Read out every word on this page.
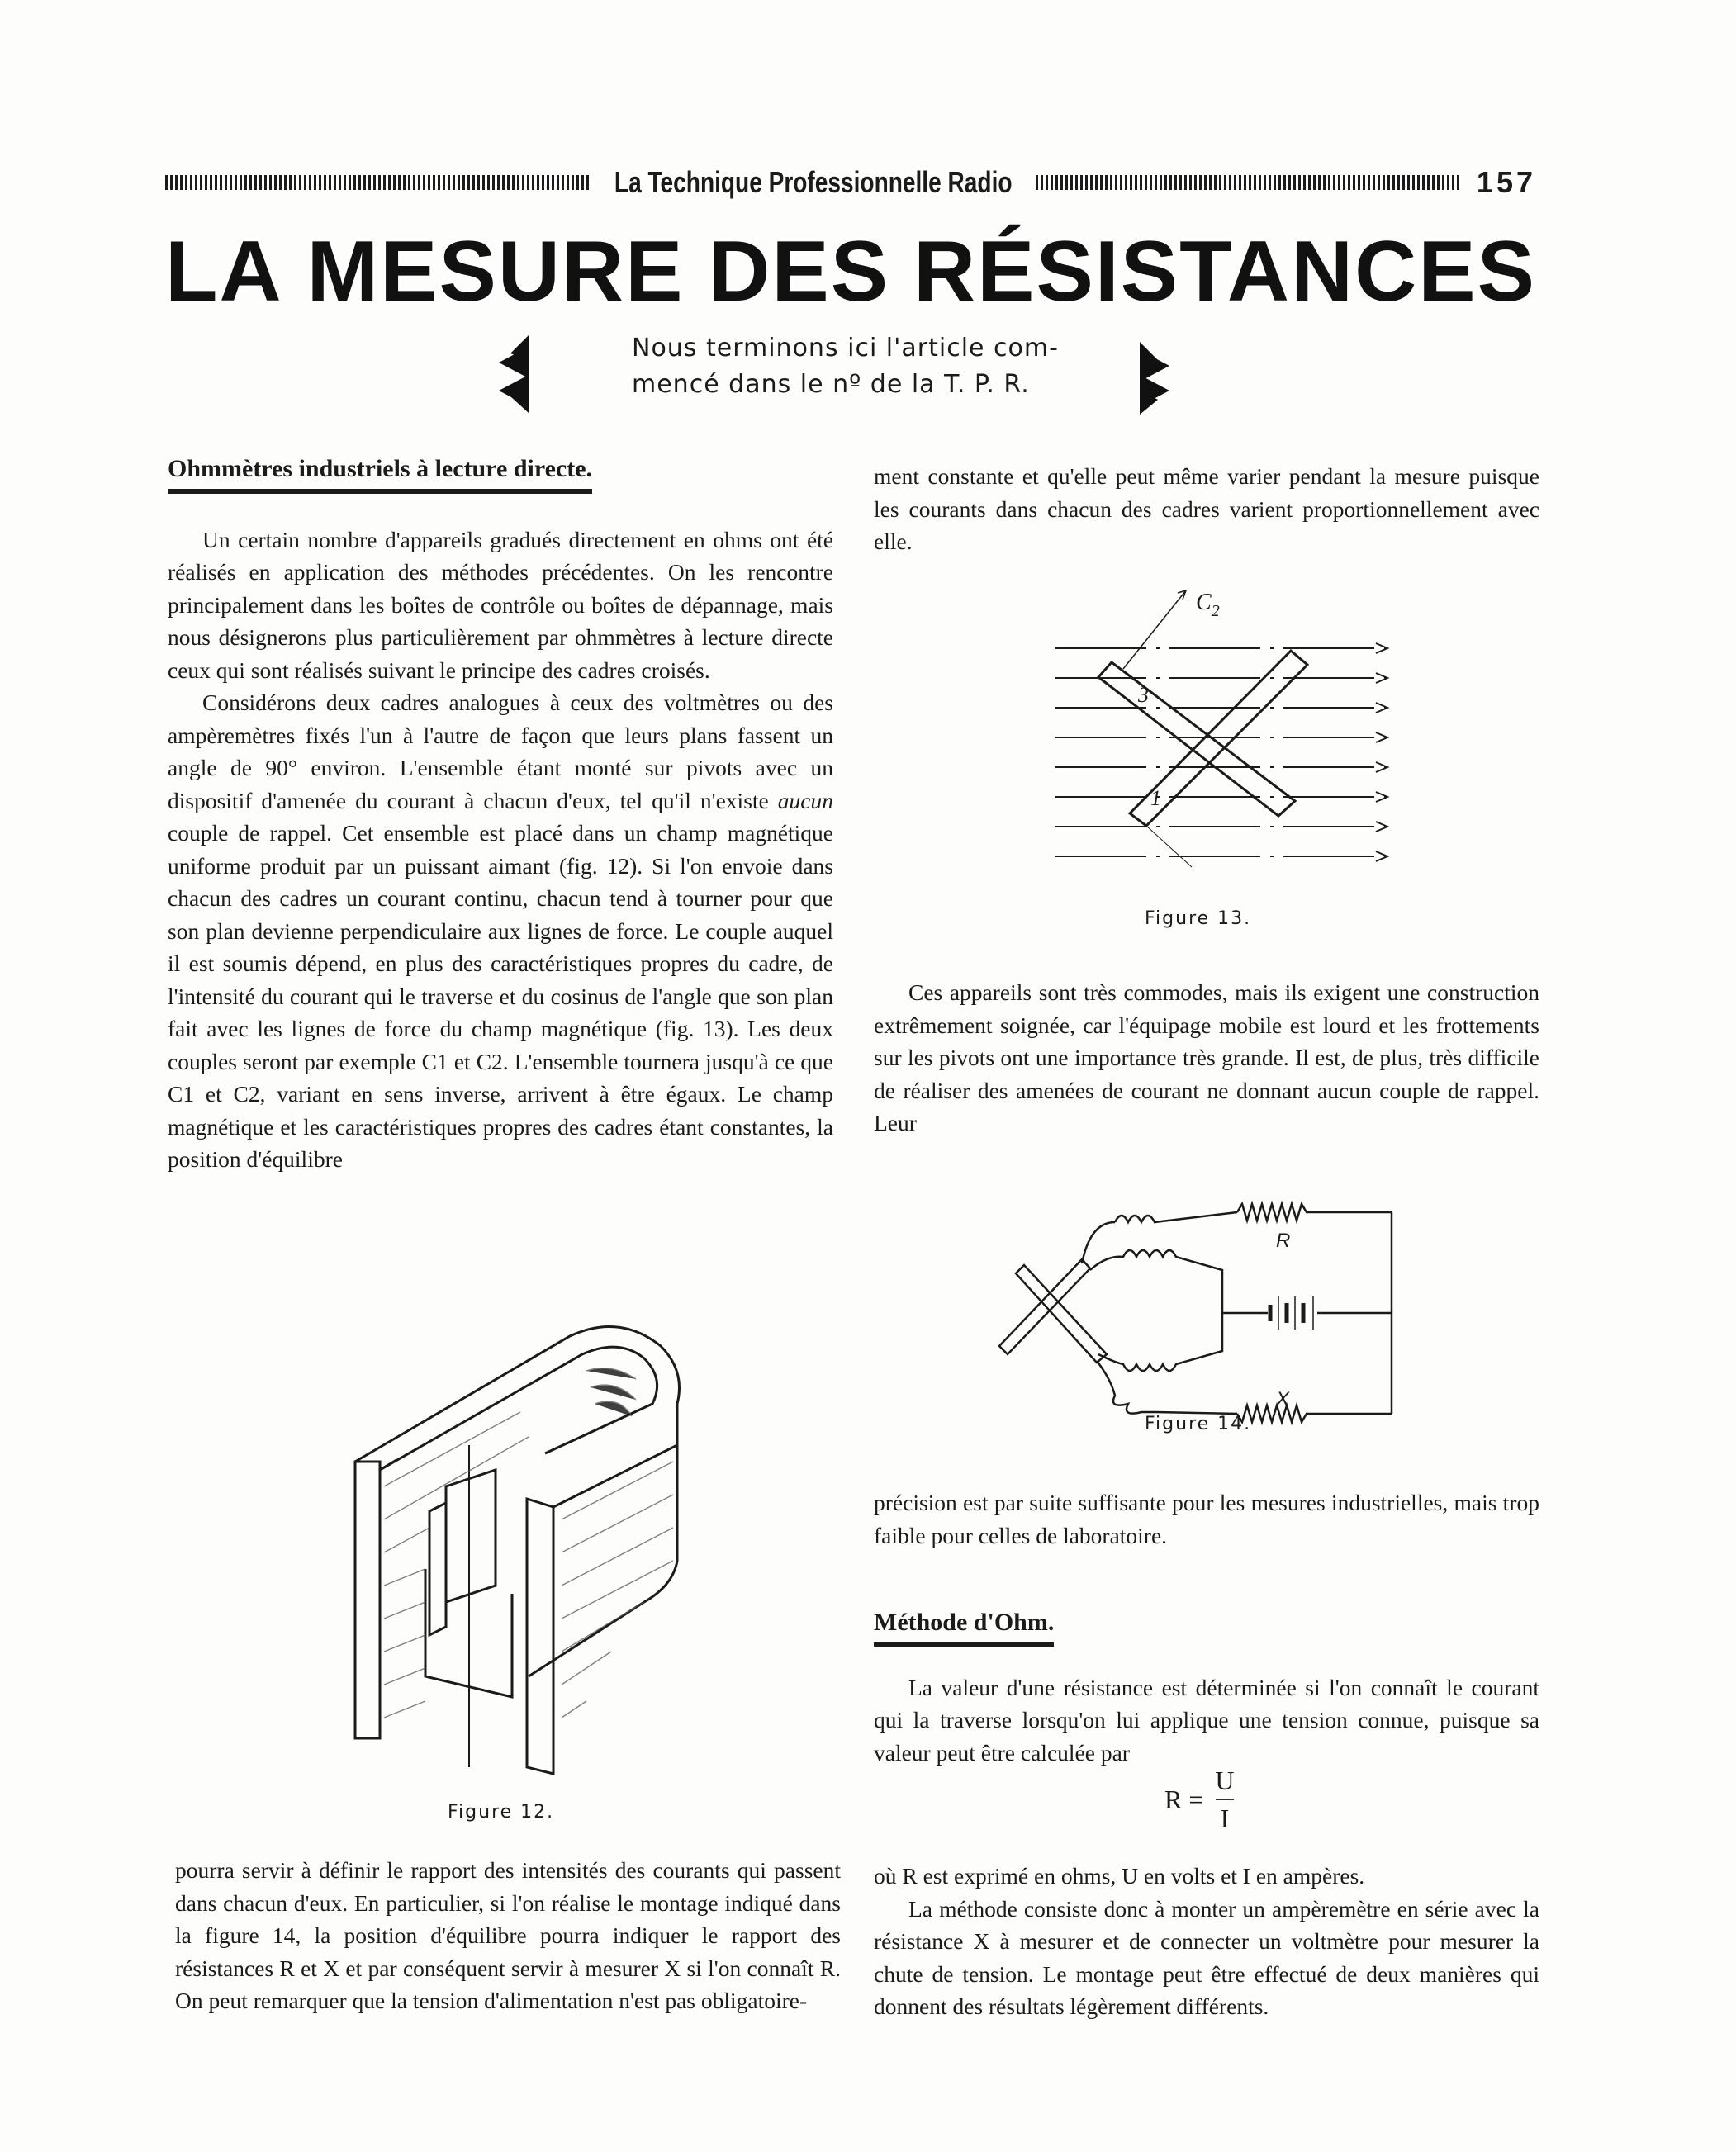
La Technique Professionnelle Radio	157
LA MESURE DES RÉSISTANCES
Nous terminons ici l'article com-
mencé dans le nº de la T. P. R.
Ohmmètres industriels à lecture directe.

Un certain nombre d'appareils gradués directement en ohms ont été réalisés en application des méthodes précédentes. On les rencontre principalement dans les boîtes de contrôle ou boîtes de dépannage, mais nous désignerons plus particulièrement par ohmmètres à lecture directe ceux qui sont réalisés suivant le principe des cadres croisés.

Considérons deux cadres analogues à ceux des voltmètres ou des ampèremètres fixés l'un à l'autre de façon que leurs plans fassent un angle de 90° environ. L'ensemble étant monté sur pivots avec un dispositif d'amenée du courant à chacun d'eux, tel qu'il n'existe aucun couple de rappel. Cet ensemble est placé dans un champ magnétique uniforme produit par un puissant aimant (fig. 12). Si l'on envoie dans chacun des cadres un courant continu, chacun tend à tourner pour que son plan devienne perpendiculaire aux lignes de force. Le couple auquel il est soumis dépend, en plus des caractéristiques propres du cadre, de l'intensité du courant qui le traverse et du cosinus de l'angle que son plan fait avec les lignes de force du champ magnétique (fig. 13). Les deux couples seront par exemple C1 et C2. L'ensemble tournera jusqu'à ce que C1 et C2, variant en sens inverse, arrivent à être égaux. Le champ magnétique et les caractéristiques propres des cadres étant constantes, la position d'équilibre

Figure 12.

pourra servir à définir le rapport des intensités des courants qui passent dans chacun d'eux. En particulier, si l'on réalise le montage indiqué dans la figure 14, la position d'équilibre pourra indiquer le rapport des résistances R et X et par conséquent servir à mesurer X si l'on connaît R. On peut remarquer que la tension d'alimentation n'est pas obligatoire-

ment constante et qu'elle peut même varier pendant la mesure puisque les courants dans chacun des cadres varient proportionnellement avec elle.

$C_2$
3
1
Figure 13.

Ces appareils sont très commodes, mais ils exigent une construction extrêmement soignée, car l'équipage mobile est lourd et les frottements sur les pivots ont une importance très grande. Il est, de plus, très difficile de réaliser des amenées de courant ne donnant aucun couple de rappel. Leur

R
X
Figure 14.

précision est par suite suffisante pour les mesures industrielles, mais trop faible pour celles de laboratoire.

Méthode d'Ohm.

La valeur d'une résistance est déterminée si l'on connaît le courant qui la traverse lorsqu'on lui applique une tension connue, puisque sa valeur peut être calculée par

$R = \frac{U}{I}$

où R est exprimé en ohms, U en volts et I en ampères.

La méthode consiste donc à monter un ampèremètre en série avec la résistance X à mesurer et de connecter un voltmètre pour mesurer la chute de tension. Le montage peut être effectué de deux manières qui donnent des résultats légèrement différents.
